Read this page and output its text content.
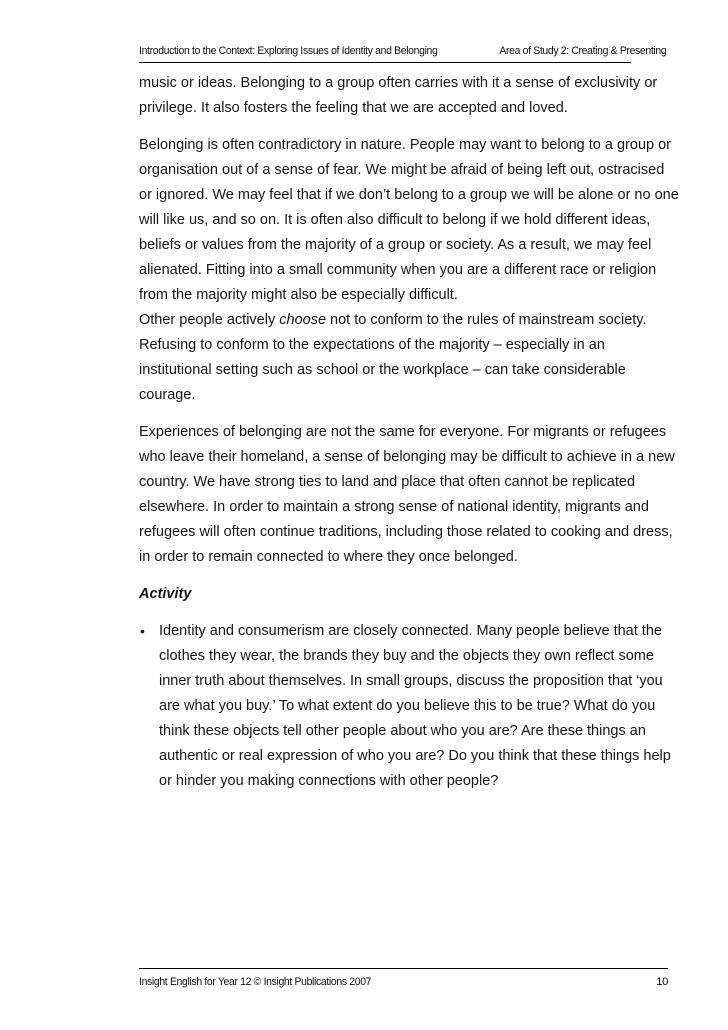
Introduction to the Context: Exploring Issues of Identity and Belonging	Area of Study 2: Creating & Presenting

music or ideas. Belonging to a group often carries with it a sense of exclusivity or privilege. It also fosters the feeling that we are accepted and loved.

Belonging is often contradictory in nature. People may want to belong to a group or organisation out of a sense of fear. We might be afraid of being left out, ostracised or ignored. We may feel that if we don’t belong to a group we will be alone or no one will like us, and so on. It is often also difficult to belong if we hold different ideas, beliefs or values from the majority of a group or society. As a result, we may feel alienated. Fitting into a small community when you are a different race or religion from the majority might also be especially difficult.

Other people actively choose not to conform to the rules of mainstream society. Refusing to conform to the expectations of the majority – especially in an institutional setting such as school or the workplace – can take considerable courage.

Experiences of belonging are not the same for everyone. For migrants or refugees who leave their homeland, a sense of belonging may be difficult to achieve in a new country. We have strong ties to land and place that often cannot be replicated elsewhere. In order to maintain a strong sense of national identity, migrants and refugees will often continue traditions, including those related to cooking and dress, in order to remain connected to where they once belonged.

Activity
• Identity and consumerism are closely connected. Many people believe that the clothes they wear, the brands they buy and the objects they own reflect some inner truth about themselves. In small groups, discuss the proposition that ‘you are what you buy.’ To what extent do you believe this to be true? What do you think these objects tell other people about who you are? Are these things an authentic or real expression of who you are? Do you think that these things help or hinder you making connections with other people?
Insight English for Year 12 © Insight Publications 2007	10
